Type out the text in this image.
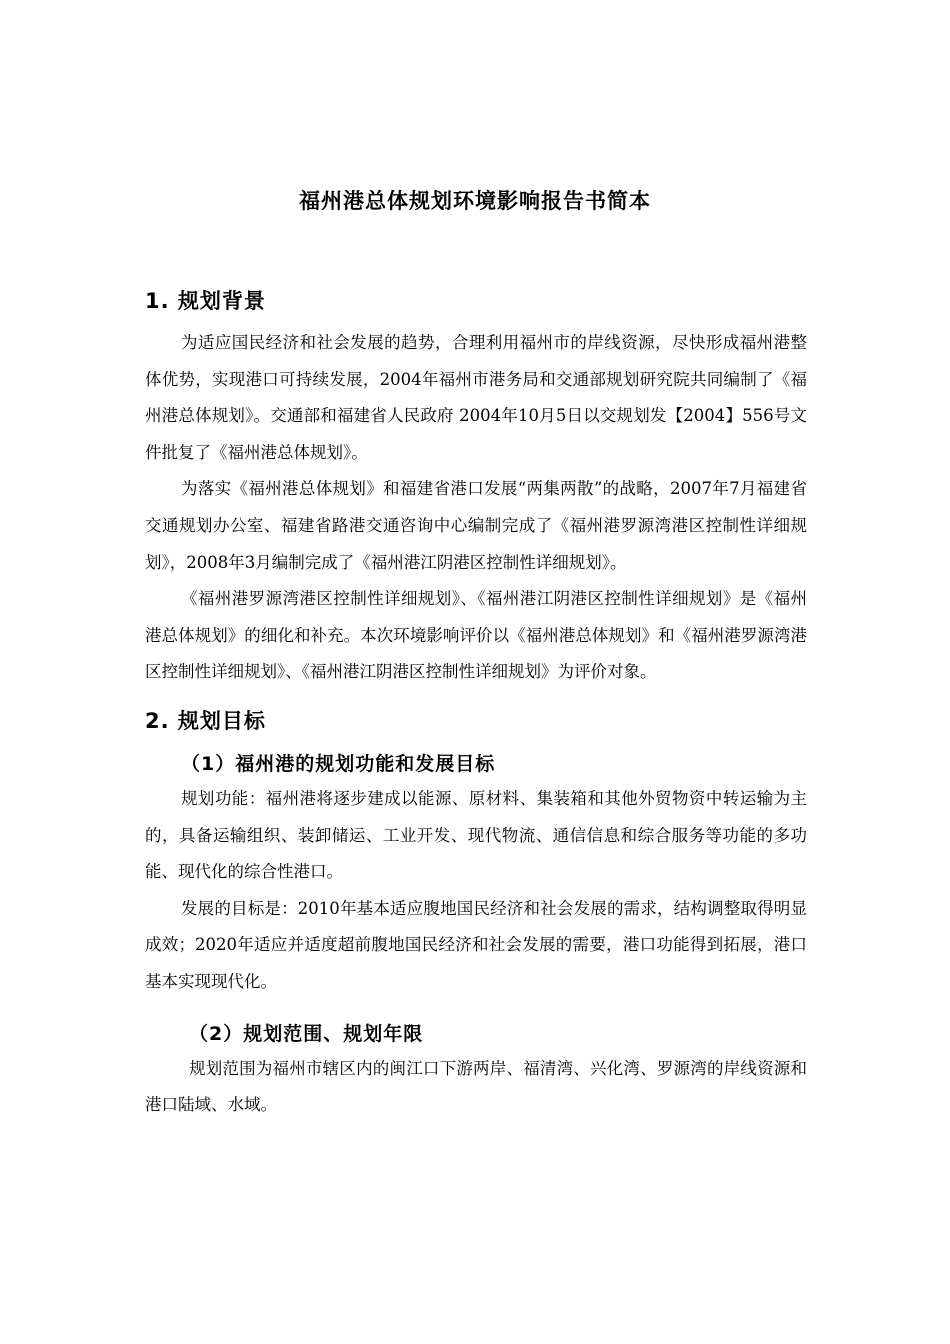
福州港总体规划环境影响报告书简本
1. 规划背景

为适应国民经济和社会发展的趋势，合理利用福州市的岸线资源，尽快形成福州港整体优势，实现港口可持续发展，2004年福州市港务局和交通部规划研究院共同编制了《福州港总体规划》。交通部和福建省人民政府 2004年10月5日以交规划发【2004】556号文件批复了《福州港总体规划》。

为落实《福州港总体规划》和福建省港口发展“两集两散”的战略，2007年7月福建省交通规划办公室、福建省路港交通咨询中心编制完成了《福州港罗源湾港区控制性详细规划》，2008年3月编制完成了《福州港江阴港区控制性详细规划》。

《福州港罗源湾港区控制性详细规划》、《福州港江阴港区控制性详细规划》是《福州港总体规划》的细化和补充。本次环境影响评价以《福州港总体规划》和《福州港罗源湾港区控制性详细规划》、《福州港江阴港区控制性详细规划》为评价对象。

2. 规划目标
（1）福州港的规划功能和发展目标

规划功能：福州港将逐步建成以能源、原材料、集装箱和其他外贸物资中转运输为主的，具备运输组织、装卸储运、工业开发、现代物流、通信信息和综合服务等功能的多功能、现代化的综合性港口。

发展的目标是：2010年基本适应腹地国民经济和社会发展的需求，结构调整取得明显成效；2020年适应并适度超前腹地国民经济和社会发展的需要，港口功能得到拓展，港口基本实现现代化。

（2）规划范围、规划年限

规划范围为福州市辖区内的闽江口下游两岸、福清湾、兴化湾、罗源湾的岸线资源和港口陆域、水域。
